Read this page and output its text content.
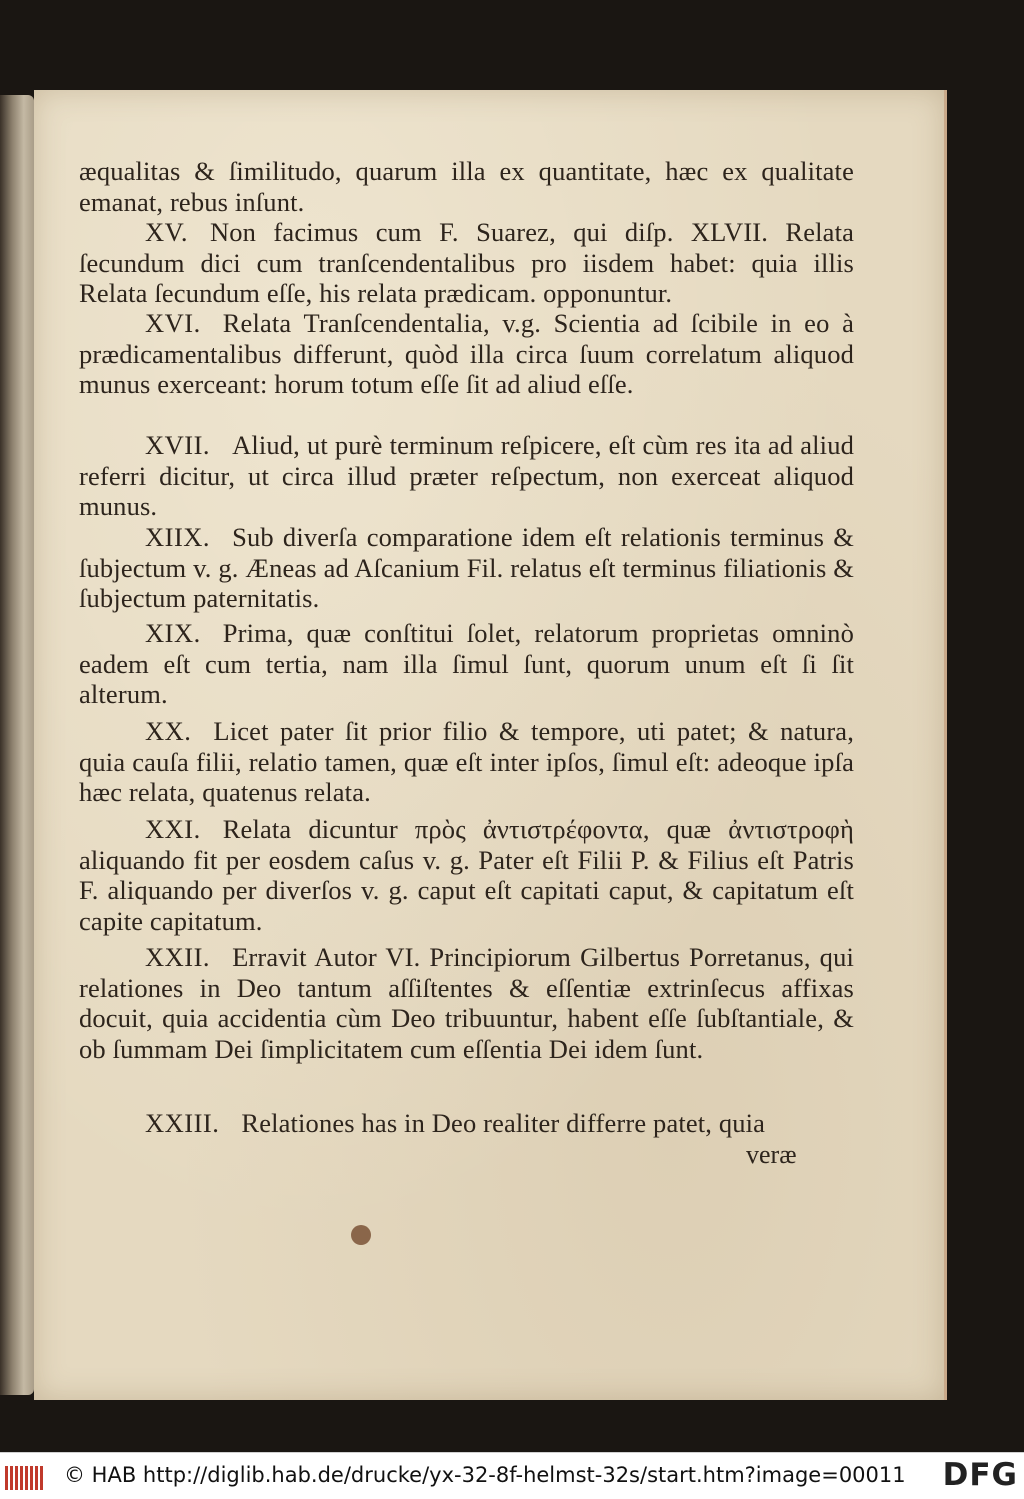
æqualitas & ſimilitudo, quarum illa ex quantitate, hæc ex qualitate emanat, rebus inſunt.
XV. Non facimus cum F. Suarez, qui diſp. XLVII. Relata ſecundum dici cum tranſcendentalibus pro iisdem habet: quia illis Relata ſecundum eſſe, his relata prædicam. opponuntur.
XVI. Relata Tranſcendentalia, v.g. Scientia ad ſcibile in eo à prædicamentalibus differunt, quòd illa circa ſuum correlatum aliquod munus exerceant: horum totum eſſe ſit ad aliud eſſe.
XVII. Aliud, ut purè terminum reſpicere, eſt cùm res ita ad aliud referri dicitur, ut circa illud præter reſpectum, non exerceat aliquod munus.
XIIX. Sub diverſa comparatione idem eſt relationis terminus & ſubjectum v. g. Æneas ad Aſcanium Fil. relatus eſt terminus filiationis & ſubjectum paternitatis.
XIX. Prima, quæ conſtitui ſolet, relatorum proprietas omninò eadem eſt cum tertia, nam illa ſimul ſunt, quorum unum eſt ſi ſit alterum.
XX. Licet pater ſit prior filio & tempore, uti patet; & natura, quia cauſa filii, relatio tamen, quæ eſt inter ipſos, ſimul eſt: adeoque ipſa hæc relata, quatenus relata.
XXI. Relata dicuntur πρὸς ἀντιστρέφοντα, quæ ἀντιστροφὴ aliquando fit per eosdem caſus v. g. Pater eſt Filii P. & Filius eſt Patris F. aliquando per diverſos v. g. caput eſt capitati caput, & capitatum eſt capite capitatum.
XXII. Erravit Autor VI. Principiorum Gilbertus Porretanus, qui relationes in Deo tantum aſſiſtentes & eſſentiæ extrinſecus affixas docuit, quia accidentia cùm Deo tribuuntur, habent eſſe ſubſtantiale, & ob ſummam Dei ſimplicitatem cum eſſentia Dei idem ſunt.
XXIII. Relationes has in Deo realiter differre patet, quia
veræ
© HAB http://diglib.hab.de/drucke/yx-32-8f-helmst-32s/start.htm?image=00011 DFG
